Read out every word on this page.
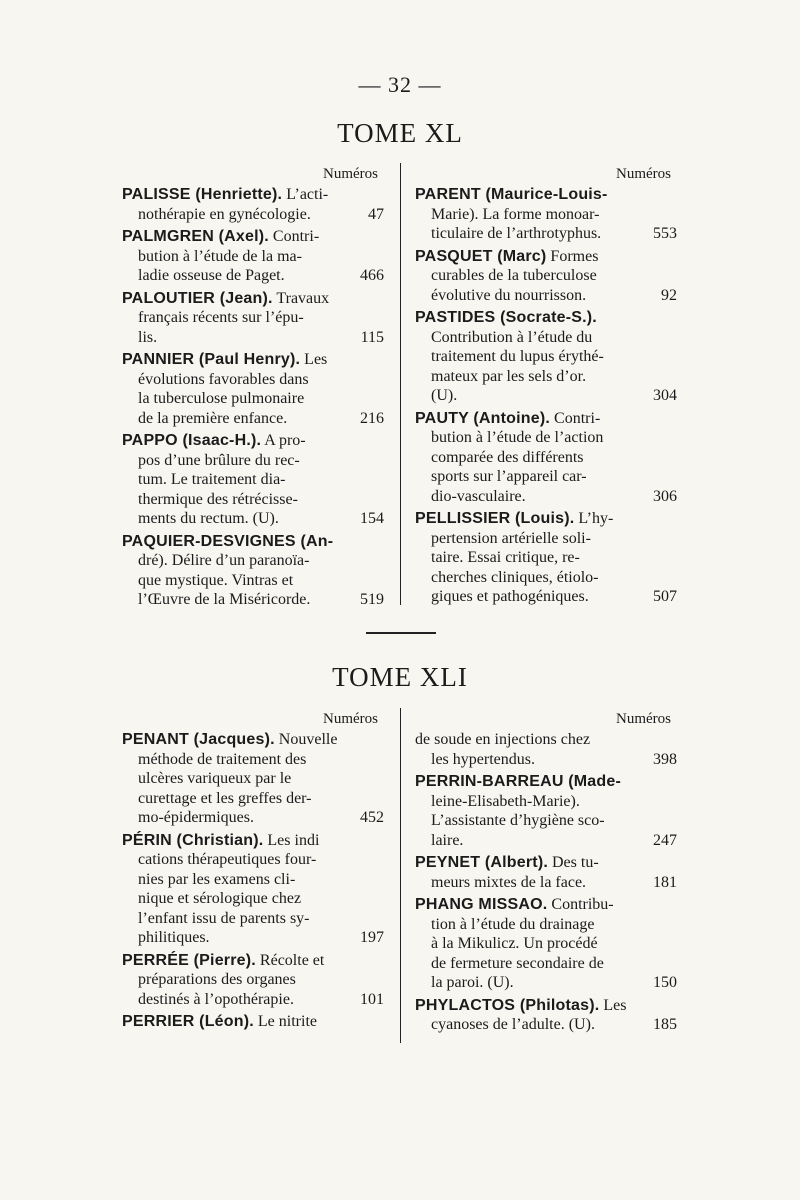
— 32 —
TOME XL
Numéros
PALISSE (Henriette). L’acti-
nothérapie en gynécologie.	47
PALMGREN (Axel). Contri-
bution à l’étude de la ma-
ladie osseuse de Paget.	466
PALOUTIER (Jean). Travaux
français récents sur l’épu-
lis.	115
PANNIER (Paul Henry). Les
évolutions favorables dans
la tuberculose pulmonaire
de la première enfance.	216
PAPPO (Isaac-H.). A pro-
pos d’une brûlure du rec-
tum. Le traitement dia-
thermique des rétrécisse-
ments du rectum. (U).	154
PAQUIER-DESVIGNES (An-
dré). Délire d’un paranoïa-
que mystique. Vintras et
l’Œuvre de la Miséricorde.	519
Numéros
PARENT (Maurice-Louis-
Marie). La forme monoar-
ticulaire de l’arthrotyphus.	553
PASQUET (Marc) Formes
curables de la tuberculose
évolutive du nourrisson.	92
PASTIDES (Socrate-S.).
Contribution à l’étude du
traitement du lupus érythé-
mateux par les sels d’or.
(U).	304
PAUTY (Antoine). Contri-
bution à l’étude de l’action
comparée des différents
sports sur l’appareil car-
dio-vasculaire.	306
PELLISSIER (Louis). L’hy-
pertension artérielle soli-
taire. Essai critique, re-
cherches cliniques, étiolo-
giques et pathogéniques.	507
TOME XLI
Numéros
PENANT (Jacques). Nouvelle
méthode de traitement des
ulcères variqueux par le
curettage et les greffes der-
mo-épidermiques.	452
PÉRIN (Christian). Les indi
cations thérapeutiques four-
nies par les examens cli-
nique et sérologique chez
l’enfant issu de parents sy-
philitiques.	197
PERRÉE (Pierre). Récolte et
préparations des organes
destinés à l’opothérapie.	101
PERRIER (Léon). Le nitrite
Numéros
de soude en injections chez
les hypertendus.	398
PERRIN-BARREAU (Made-
leine-Elisabeth-Marie).
L’assistante d’hygiène sco-
laire.	247
PEYNET (Albert). Des tu-
meurs mixtes de la face.	181
PHANG MISSAO. Contribu-
tion à l’étude du drainage
à la Mikulicz. Un procédé
de fermeture secondaire de
la paroi. (U).	150
PHYLACTOS (Philotas). Les
cyanoses de l’adulte. (U).	185
